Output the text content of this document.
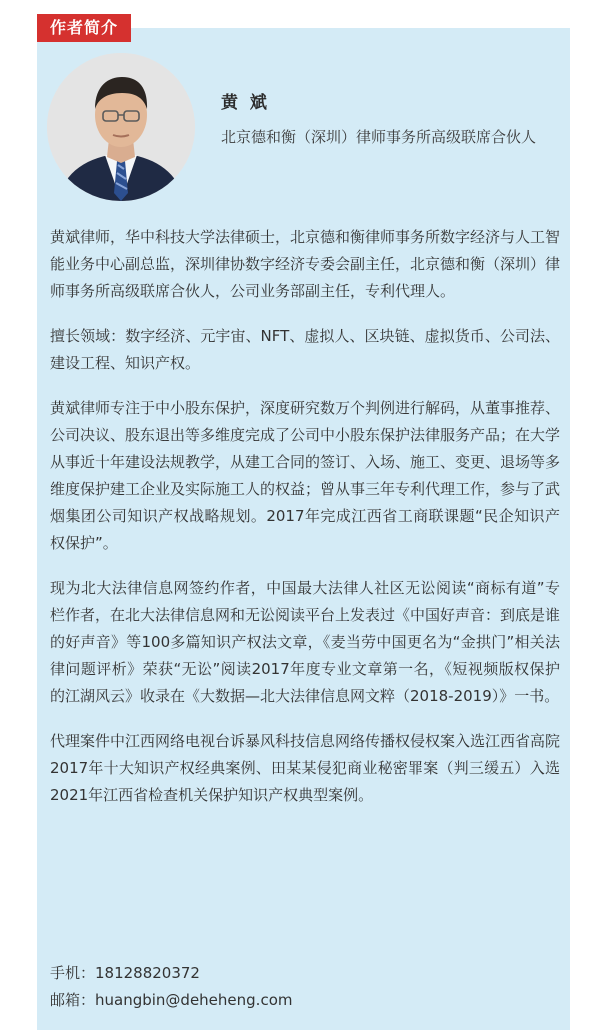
作者简介
黄 斌
北京德和衡（深圳）律师事务所高级联席合伙人

黄斌律师，华中科技大学法律硕士，北京德和衡律师事务所数字经济与人工智能业务中心副总监，深圳律协数字经济专委会副主任，北京德和衡（深圳）律师事务所高级联席合伙人，公司业务部副主任，专利代理人。

擅长领域：数字经济、元宇宙、NFT、虚拟人、区块链、虚拟货币、公司法、建设工程、知识产权。

黄斌律师专注于中小股东保护，深度研究数万个判例进行解码，从董事推荐、公司决议、股东退出等多维度完成了公司中小股东保护法律服务产品；在大学从事近十年建设法规教学，从建工合同的签订、入场、施工、变更、退场等多维度保护建工企业及实际施工人的权益；曾从事三年专利代理工作，参与了武烟集团公司知识产权战略规划。2017年完成江西省工商联课题“民企知识产权保护”。

现为北大法律信息网签约作者，中国最大法律人社区无讼阅读“商标有道”专栏作者，在北大法律信息网和无讼阅读平台上发表过《中国好声音：到底是谁的好声音》等100多篇知识产权法文章，《麦当劳中国更名为“金拱门”相关法律问题评析》荣获“无讼”阅读2017年度专业文章第一名，《短视频版权保护的江湖风云》收录在《大数据—北大法律信息网文粹（2018-2019）》一书。

代理案件中江西网络电视台诉暴风科技信息网络传播权侵权案入选江西省高院2017年十大知识产权经典案例、田某某侵犯商业秘密罪案（判三缓五）入选2021年江西省检查机关保护知识产权典型案例。

手机：18128820372
邮箱：huangbin@deheheng.com
